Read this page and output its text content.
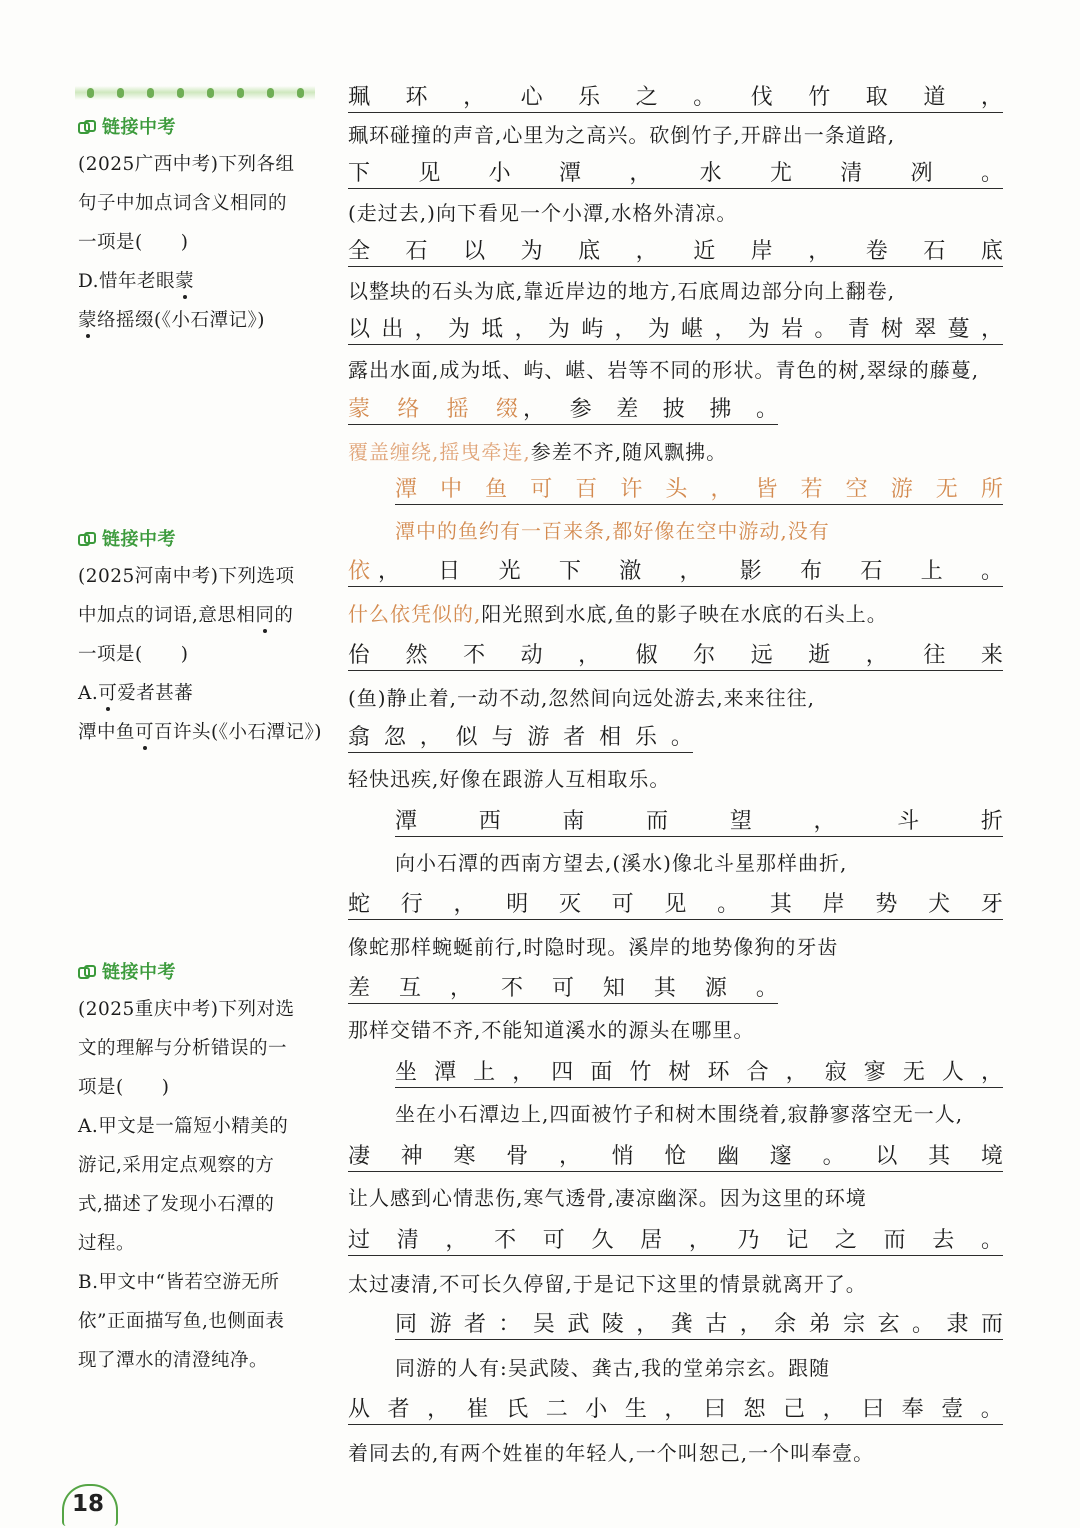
链接中考
(2025广西中考)下列各组
句子中加点词含义相同的
一项是(　　)
D.惜年老眼蒙
蒙络摇缀(《小石潭记》)
链接中考
(2025河南中考)下列选项
中加点的词语,意思相同的
一项是(　　)
A.可爱者甚蕃
潭中鱼可百许头(《小石潭记》)
链接中考
(2025重庆中考)下列对选
文的理解与分析错误的一
项是(　　)
A.甲文是一篇短小精美的
游记,采用定点观察的方
式,描述了发现小石潭的
过程。
B.甲文中“皆若空游无所
依”正面描写鱼,也侧面表
现了潭水的清澄纯净。
珮 环 ， 心 乐 之 。 伐 竹 取 道 ，
珮环碰撞的声音,心里为之高兴。砍倒竹子,开辟出一条道路,
下 见 小 潭 ， 水 尤 清 冽 。
(走过去,)向下看见一个小潭,水格外清凉。
全 石 以 为 底 ， 近 岸 ， 卷 石 底
以整块的石头为底,靠近岸边的地方,石底周边部分向上翻卷,
以 出 ， 为 坻 ， 为 屿 ， 为 嵁 ， 为 岩 。 青 树 翠 蔓 ，
露出水面,成为坻、屿、嵁、岩等不同的形状。青色的树,翠绿的藤蔓,
蒙 络 摇 缀 ， 参 差 披 拂 。
覆盖缠绕,摇曳牵连, 参差不齐,随风飘拂。
潭 中 鱼 可 百 许 头 ， 皆 若 空 游 无 所
潭中的鱼约有一百来条,都好像在空中游动,没有
依 ， 日 光 下 澈 ， 影 布 石 上 。
什么依凭似的, 阳光照到水底,鱼的影子映在水底的石头上。
佁 然 不 动 ， 俶 尔 远 逝 ， 往 来
(鱼)静止着,一动不动,忽然间向远处游去,来来往往,
翕 忽 ， 似 与 游 者 相 乐 。
轻快迅疾,好像在跟游人互相取乐。
潭	西	南	而	望	，	斗	折
向小石潭的西南方望去,(溪水)像北斗星那样曲折,
蛇 行 ， 明 灭 可 见 。 其 岸 势 犬 牙
像蛇那样蜿蜒前行,时隐时现。溪岸的地势像狗的牙齿
差 互 ， 不 可 知 其 源 。
那样交错不齐,不能知道溪水的源头在哪里。
坐 潭 上 ， 四 面 竹 树 环 合 ， 寂 寥 无 人 ，
坐在小石潭边上,四面被竹子和树木围绕着,寂静寥落空无一人,
凄 神 寒 骨 ， 悄 怆 幽 邃 。 以 其 境
让人感到心情悲伤,寒气透骨,凄凉幽深。因为这里的环境
过 清 ， 不 可 久 居 ， 乃 记 之 而 去 。
太过凄清,不可长久停留,于是记下这里的情景就离开了。
同 游 者 ： 吴 武 陵 ， 龚 古 ， 余 弟 宗 玄 。 隶 而
同游的人有:吴武陵、龚古,我的堂弟宗玄。跟随
从 者 ， 崔 氏 二 小 生 ， 曰 恕 己 ， 曰 奉 壹 。
着同去的,有两个姓崔的年轻人,一个叫恕己,一个叫奉壹。
18
